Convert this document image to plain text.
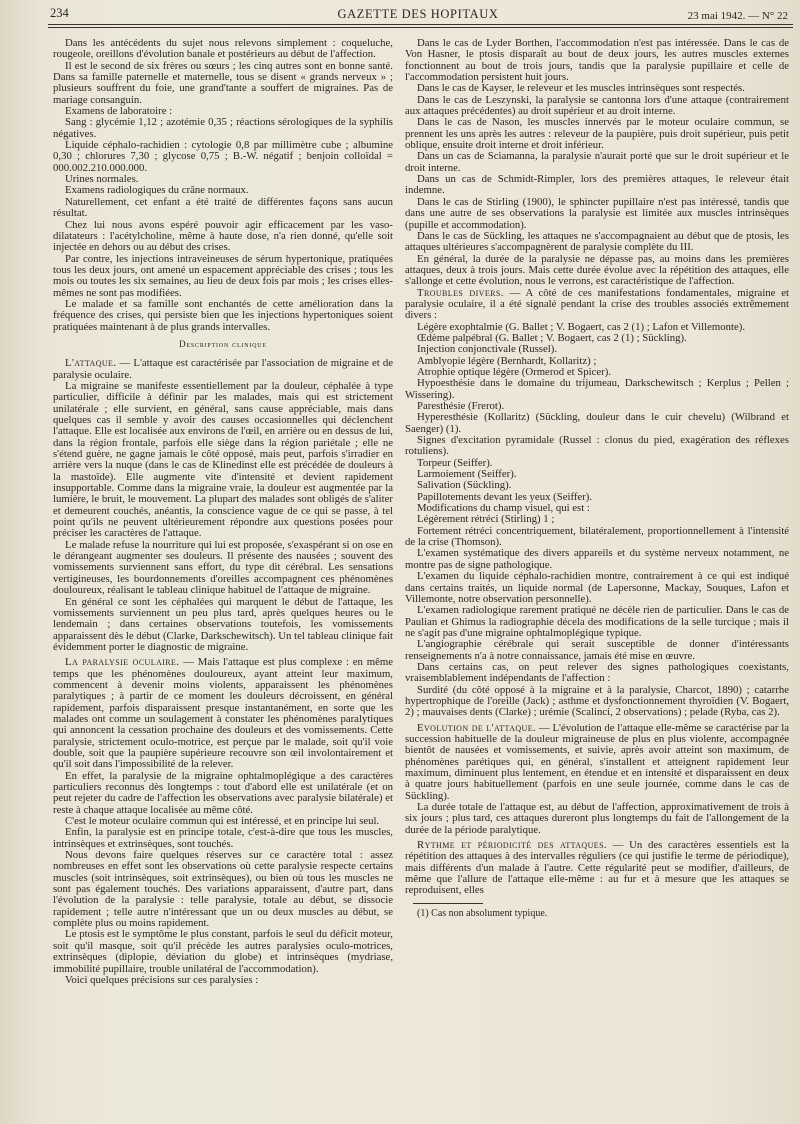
234	GAZETTE DES HOPITAUX	23 mai 1942. — N° 22

Dans les antécédents du sujet nous relevons simplement : coqueluche, rougeole, oreillons d'évolution banale et postérieurs au début de l'affection.

Il est le second de six frères ou sœurs ; les cinq autres sont en bonne santé. Dans sa famille paternelle et maternelle, tous se disent « grands nerveux » ; plusieurs souffrent du foie, une grand'tante a souffert de migraines. Pas de mariage consanguin.

Examens de laboratoire :

Sang : glycémie 1,12 ; azotémie 0,35 ; réactions sérologiques de la syphilis négatives.

Liquide céphalo-rachidien : cytologie 0,8 par millimètre cube ; albumine 0,30 ; chlorures 7,30 ; glycose 0,75 ; B.-W. négatif ; benjoin colloïdal = 000.002.210.000.000.

Urines normales.

Examens radiologiques du crâne normaux.

Naturellement, cet enfant a été traité de différentes façons sans aucun résultat.

Chez lui nous avons espéré pouvoir agir efficacement par les vaso-dilatateurs : l'acétylcholine, même à haute dose, n'a rien donné, qu'elle soit injectée en dehors ou au début des crises.

Par contre, les injections intraveineuses de sérum hypertonique, pratiquées tous les deux jours, ont amené un espacement appréciable des crises ; tous les mois ou toutes les six semaines, au lieu de deux fois par mois ; les crises elles-mêmes ne sont pas modifiées.

Le malade et sa famille sont enchantés de cette amélioration dans la fréquence des crises, qui persiste bien que les injections hypertoniques soient pratiquées maintenant à de plus grands intervalles.

Description clinique

L'attaque. — L'attaque est caractérisée par l'association de migraine et de paralysie oculaire.

La migraine se manifeste essentiellement par la douleur, céphalée à type particulier, difficile à définir par les malades, mais qui est strictement unilatérale ; elle survient, en général, sans cause appréciable, mais dans quelques cas il semble y avoir des causes occasionnelles qui déclenchent l'attaque. Elle est localisée aux environs de l'œil, en arrière ou en dessus de lui, dans la région frontale, parfois elle siège dans la région pariétale ; elle ne s'étend guère, ne gagne jamais le côté opposé, mais peut, parfois s'irradier en arrière vers la nuque (dans le cas de Klinedinst elle est précédée de douleurs à la mastoïde). Elle augmente vite d'intensité et devient rapidement insupportable. Comme dans la migraine vraie, la douleur est augmentée par la lumière, le bruit, le mouvement. La plupart des malades sont obligés de s'aliter et demeurent couchés, anéantis, la conscience vague de ce qui se passe, à tel point qu'ils ne peuvent ultérieurement répondre aux questions posées pour préciser les caractères de l'attaque.

Le malade refuse la nourriture qui lui est proposée, s'exaspérant si on ose en le dérangeant augmenter ses douleurs. Il présente des nausées ; souvent des vomissements surviennent sans effort, du type dit cérébral. Les sensations vertigineuses, les bourdonnements d'oreilles accompagnent ces phénomènes douloureux, réalisant le tableau clinique habituel de l'attaque de migraine.

En général ce sont les céphalées qui marquent le début de l'attaque, les vomissements surviennent un peu plus tard, après quelques heures ou le lendemain ; dans certaines observations toutefois, les vomissements apparaissent dès le début (Clarke, Darkschewitsch). Un tel tableau clinique fait évidemment porter le diagnostic de migraine.

La paralysie oculaire. — Mais l'attaque est plus complexe : en même temps que les phénomènes douloureux, ayant atteint leur maximum, commencent à devenir moins violents, apparaissent les phénomènes paralytiques ; à partir de ce moment les douleurs décroissent, en général rapidement, parfois disparaissent presque instantanément, en sorte que les malades ont comme un soulagement à constater les phénomènes paralytiques qui annoncent la cessation prochaine des douleurs et des vomissements. Cette paralysie, strictement oculo-motrice, est perçue par le malade, soit qu'il voie double, soit que la paupière supérieure recouvre son œil involontairement et qu'il soit dans l'impossibilité de la relever.

En effet, la paralysie de la migraine ophtalmoplégique a des caractères particuliers reconnus dès longtemps : tout d'abord elle est unilatérale (et on peut rejeter du cadre de l'affection les observations avec paralysie bilatérale) et reste à chaque attaque localisée au même côté.

C'est le moteur oculaire commun qui est intéressé, et en principe lui seul.

Enfin, la paralysie est en principe totale, c'est-à-dire que tous les muscles, intrinsèques et extrinsèques, sont touchés.

Nous devons faire quelques réserves sur ce caractère total : assez nombreuses en effet sont les observations où cette paralysie respecte certains muscles (soit intrinsèques, soit extrinsèques), ou bien où tous les muscles ne sont pas également touchés. Des variations apparaissent, d'autre part, dans l'évolution de la paralysie : telle paralysie, totale au début, se dissocie rapidement ; telle autre n'intéressant que un ou deux muscles au début, se complète plus ou moins rapidement.

Le ptosis est le symptôme le plus constant, parfois le seul du déficit moteur, soit qu'il masque, soit qu'il précède les autres paralysies oculo-motrices, extrinsèques (diplopie, déviation du globe) et intrinsèques (mydriase, immobilité pupillaire, trouble unilatéral de l'accommodation).

Voici quelques précisions sur ces paralysies :

Dans le cas de Lyder Borthen, l'accommodation n'est pas intéressée. Dans le cas de Von Hasner, le ptosis disparaît au bout de deux jours, les autres muscles externes fonctionnent au bout de trois jours, tandis que la paralysie pupillaire et celle de l'accommodation persistent huit jours.

Dans le cas de Kayser, le releveur et les muscles intrinsèques sont respectés.

Dans le cas de Leszynski, la paralysie se cantonna lors d'une attaque (contrairement aux attaques précédentes) au droit supérieur et au droit interne.

Dans le cas de Nason, les muscles innervés par le moteur oculaire commun, se prennent les uns après les autres : releveur de la paupière, puis droit supérieur, puis petit oblique, ensuite droit interne et droit inférieur.

Dans un cas de Sciamanna, la paralysie n'aurait porté que sur le droit supérieur et le droit interne.

Dans un cas de Schmidt-Rimpler, lors des premières attaques, le releveur était indemne.

Dans le cas de Stirling (1900), le sphincter pupillaire n'est pas intéressé, tandis que dans une autre de ses observations la paralysie est limitée aux muscles intrinsèques (pupille et accommodation).

Dans le cas de Sückling, les attaques ne s'accompagnaient au début que de ptosis, les attaques ultérieures s'accompagnèrent de paralysie complète du III.

En général, la durée de la paralysie ne dépasse pas, au moins dans les premières attaques, deux à trois jours. Mais cette durée évolue avec la répétition des attaques, elle s'allonge et cette évolution, nous le verrons, est caractéristique de l'affection.

Troubles divers. — A côté de ces manifestations fondamentales, migraine et paralysie oculaire, il a été signalé pendant la crise des troubles associés extrêmement divers :

Légère exophtalmie (G. Ballet ; V. Bogaert, cas 2 (1) ; Lafon et Villemonte).

Œdème palpébral (G. Ballet ; V. Bogaert, cas 2 (1) ; Sückling).

Injection conjonctivale (Russel).

Amblyopie légère (Bernhardt, Kollaritz) ;

Atrophie optique légère (Ormerod et Spicer).

Hypoesthésie dans le domaine du trijumeau, Darkschewitsch ; Kerplus ; Pellen ; Wissering).

Paresthésie (Frerot).

Hyperesthésie (Kollaritz) (Sückling, douleur dans le cuir chevelu) (Wilbrand et Saenger) (1).

Signes d'excitation pyramidale (Russel : clonus du pied, exagération des réflexes rotuliens).

Torpeur (Seiffer).

Larmoiement (Seiffer).

Salivation (Sückling).

Papillotements devant les yeux (Seiffer).

Modifications du champ visuel, qui est :

Légèrement rétréci (Stirling) 1 ;

Fortement rétréci concentriquement, bilatéralement, proportionnellement à l'intensité de la crise (Thomson).

L'examen systématique des divers appareils et du système nerveux notamment, ne montre pas de signe pathologique.

L'examen du liquide céphalo-rachidien montre, contrairement à ce qui est indiqué dans certains traités, un liquide normal (de Lapersonne, Mackay, Souques, Lafon et Villemonte, notre observation personnelle).

L'examen radiologique rarement pratiqué ne décèle rien de particulier. Dans le cas de Paulian et Ghimus la radiographie décela des modifications de la selle turcique ; mais il ne s'agit pas d'une migraine ophtalmoplégique typique.

L'angiographie cérébrale qui serait susceptible de donner d'intéressants renseignements n'a à notre connaissance, jamais été mise en œuvre.

Dans certains cas, on peut relever des signes pathologiques coexistants, vraisemblablement indépendants de l'affection :

Surdité (du côté opposé à la migraine et à la paralysie, Charcot, 1890) ; catarrhe hypertrophique de l'oreille (Jack) ; asthme et dysfonctionnement thyroïdien (V. Bogaert, 2) ; mauvaises dents (Clarke) ; urémie (Scalinci, 2 observations) ; pelade (Ryba, cas 2).

Evolution de l'attaque. — L'évolution de l'attaque elle-même se caractérise par la succession habituelle de la douleur migraineuse de plus en plus violente, accompagnée bientôt de nausées et vomissements, et suivie, après avoir atteint son maximum, de phénomènes parétiques qui, en général, s'installent et atteignent rapidement leur maximum, diminuent plus lentement, en étendue et en intensité et disparaissent en deux à quatre jours habituellement (parfois en une seule journée, comme dans le cas de Sückling).

La durée totale de l'attaque est, au début de l'affection, approximativement de trois à six jours ; plus tard, ces attaques dureront plus longtemps du fait de l'allongement de la durée de la période paralytique.

Rythme et périodicité des attaques. — Un des caractères essentiels est la répétition des attaques à des intervalles réguliers (ce qui justifie le terme de périodique), mais différents d'un malade à l'autre. Cette régularité peut se modifier, d'ailleurs, de même que l'allure de l'attaque elle-même : au fur et à mesure que les attaques se reproduisent, elles

(1) Cas non absolument typique.
